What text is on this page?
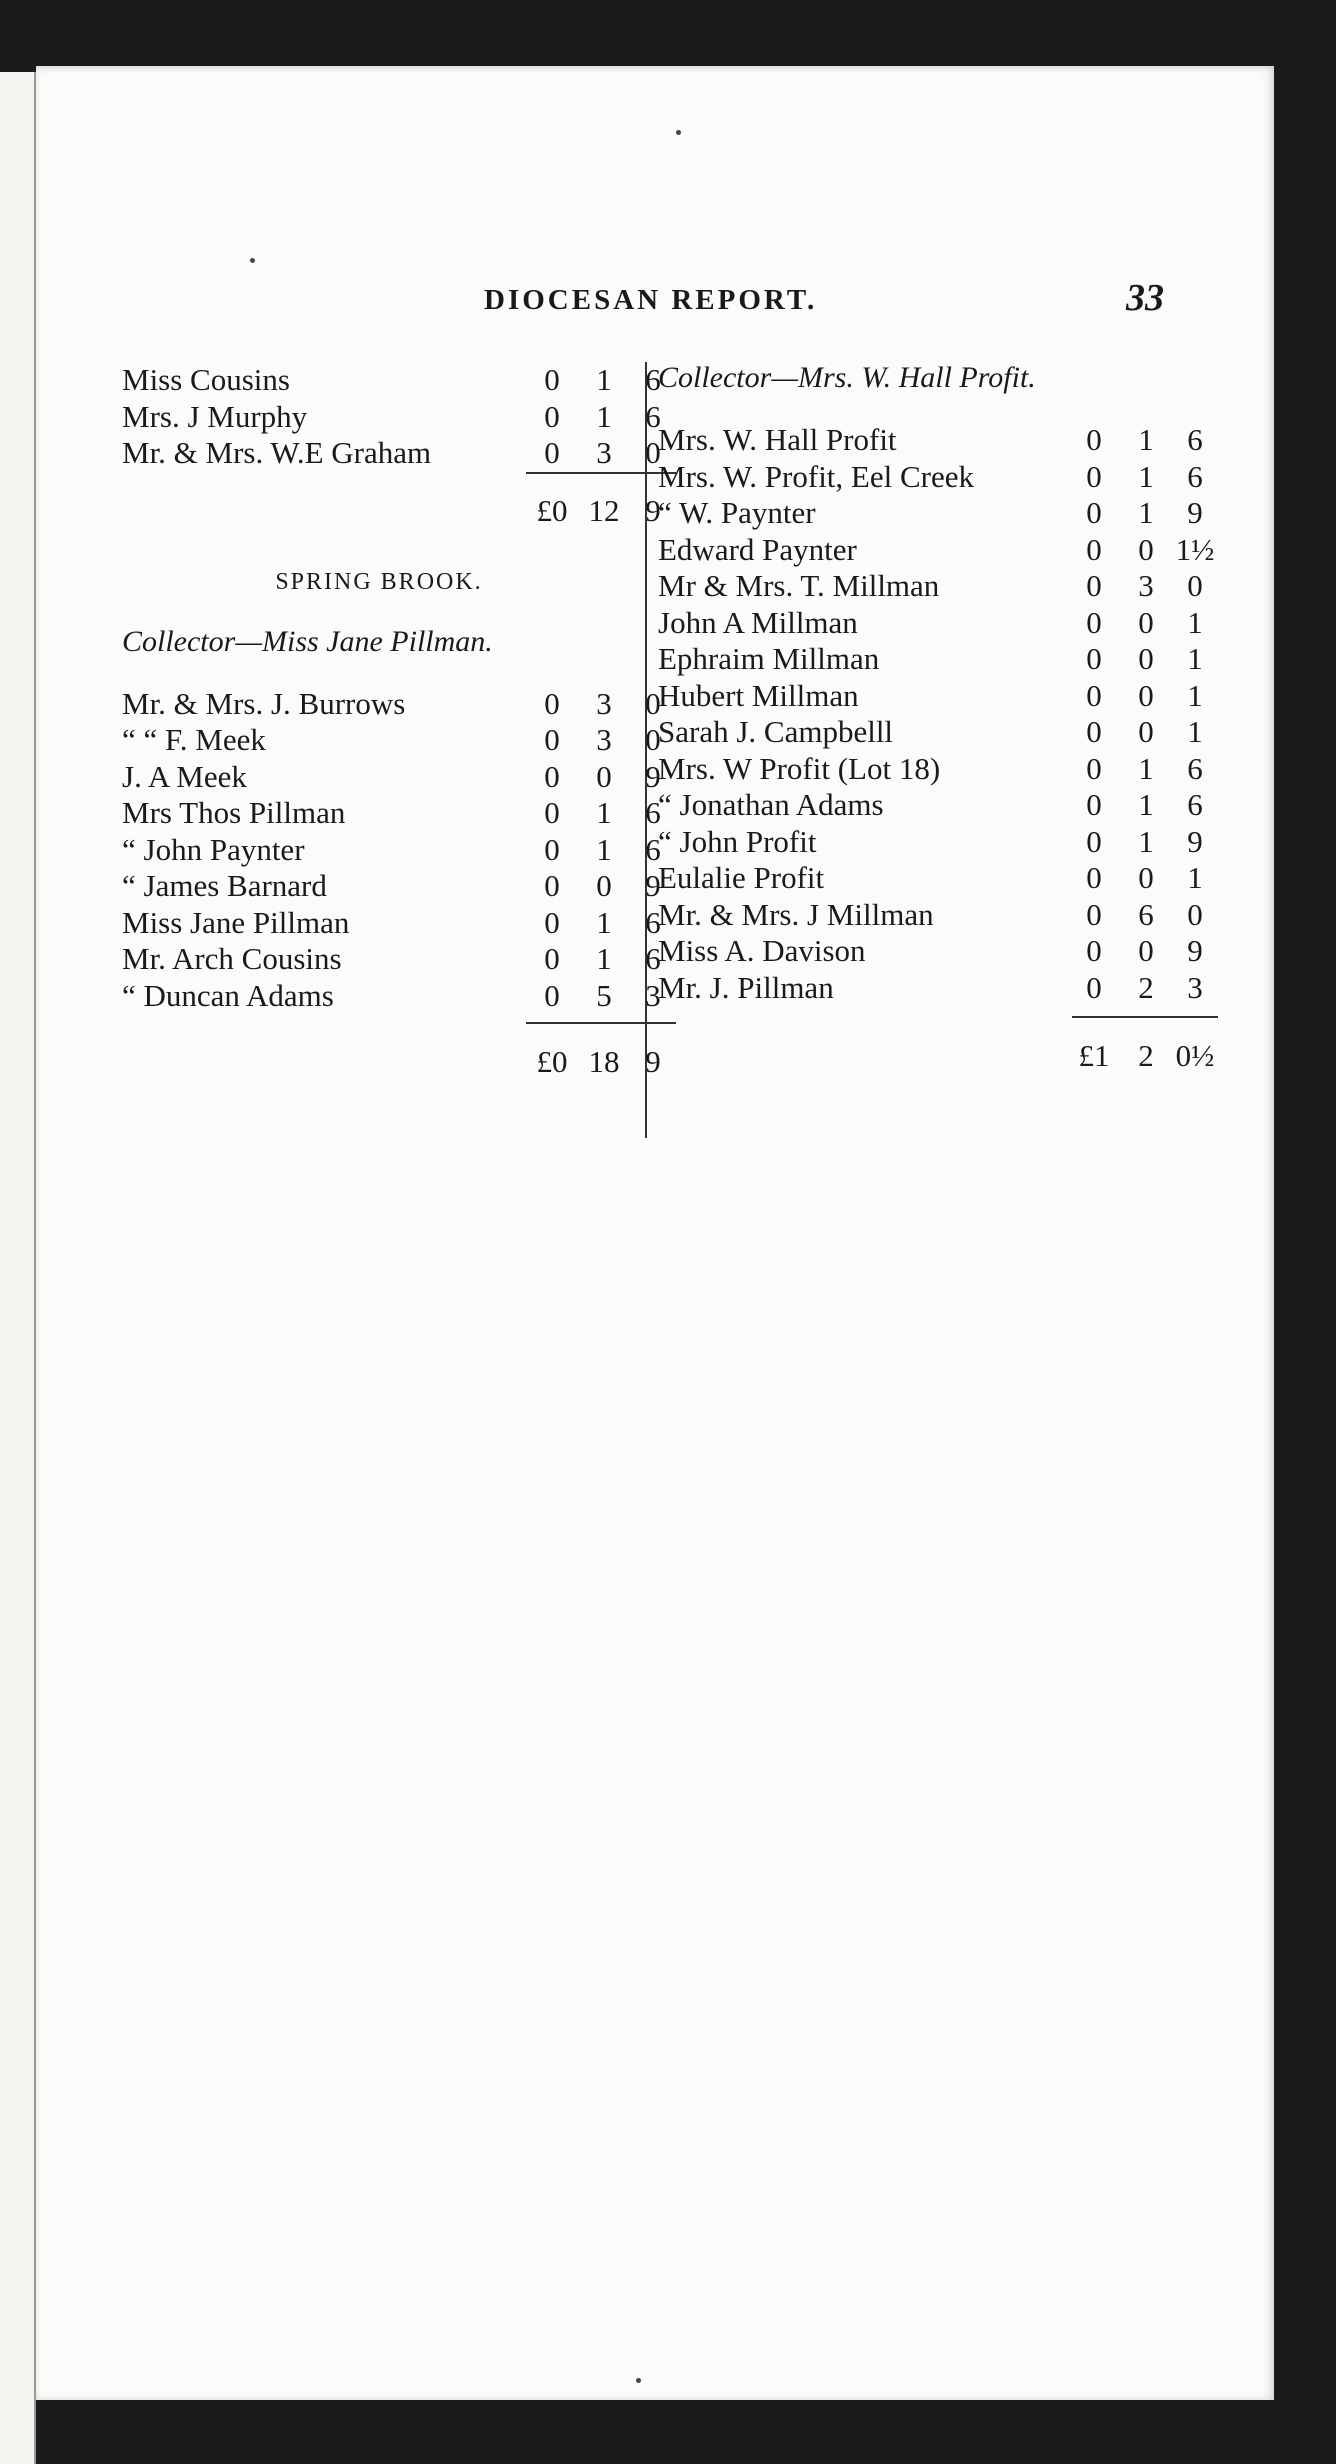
DIOCESAN REPORT.	33
Miss Cousins	0	1	6
Mrs. J Murphy	0	1	6
Mr. & Mrs. W.E Graham	0	3	0
£0 12 9
SPRING BROOK.
Collector—Miss Jane Pillman.
Mr. & Mrs. J. Burrows	0	3	0
“ “ F. Meek	0	3	0
J. A Meek	0	0	9
Mrs Thos Pillman	0	1	6
“ John Paynter	0	1	6
“ James Barnard	0	0	9
Miss Jane Pillman	0	1	6
Mr. Arch Cousins	0	1	6
“ Duncan Adams	0	5	3
£0 18 9
Collector—Mrs. W. Hall Profit.
Mrs. W. Hall Profit	0	1	6
Mrs. W. Profit, Eel Creek	0	1	6
“ W. Paynter	0	1	9
Edward Paynter	0	0 1½
Mr & Mrs. T. Millman	0	3	0
John A Millman	0	0	1
Ephraim Millman	0	0	1
Hubert Millman	0	0	1
Sarah J. Campbelll	0	0	1
Mrs. W Profit (Lot 18)	0	1	6
“ Jonathan Adams	0	1	6
“ John Profit	0	1	9
Eulalie Profit	0	0	1
Mr. & Mrs. J Millman	0	6	0
Miss A. Davison	0	0	9
Mr. J. Pillman	0	2	3
£1 2 0½
